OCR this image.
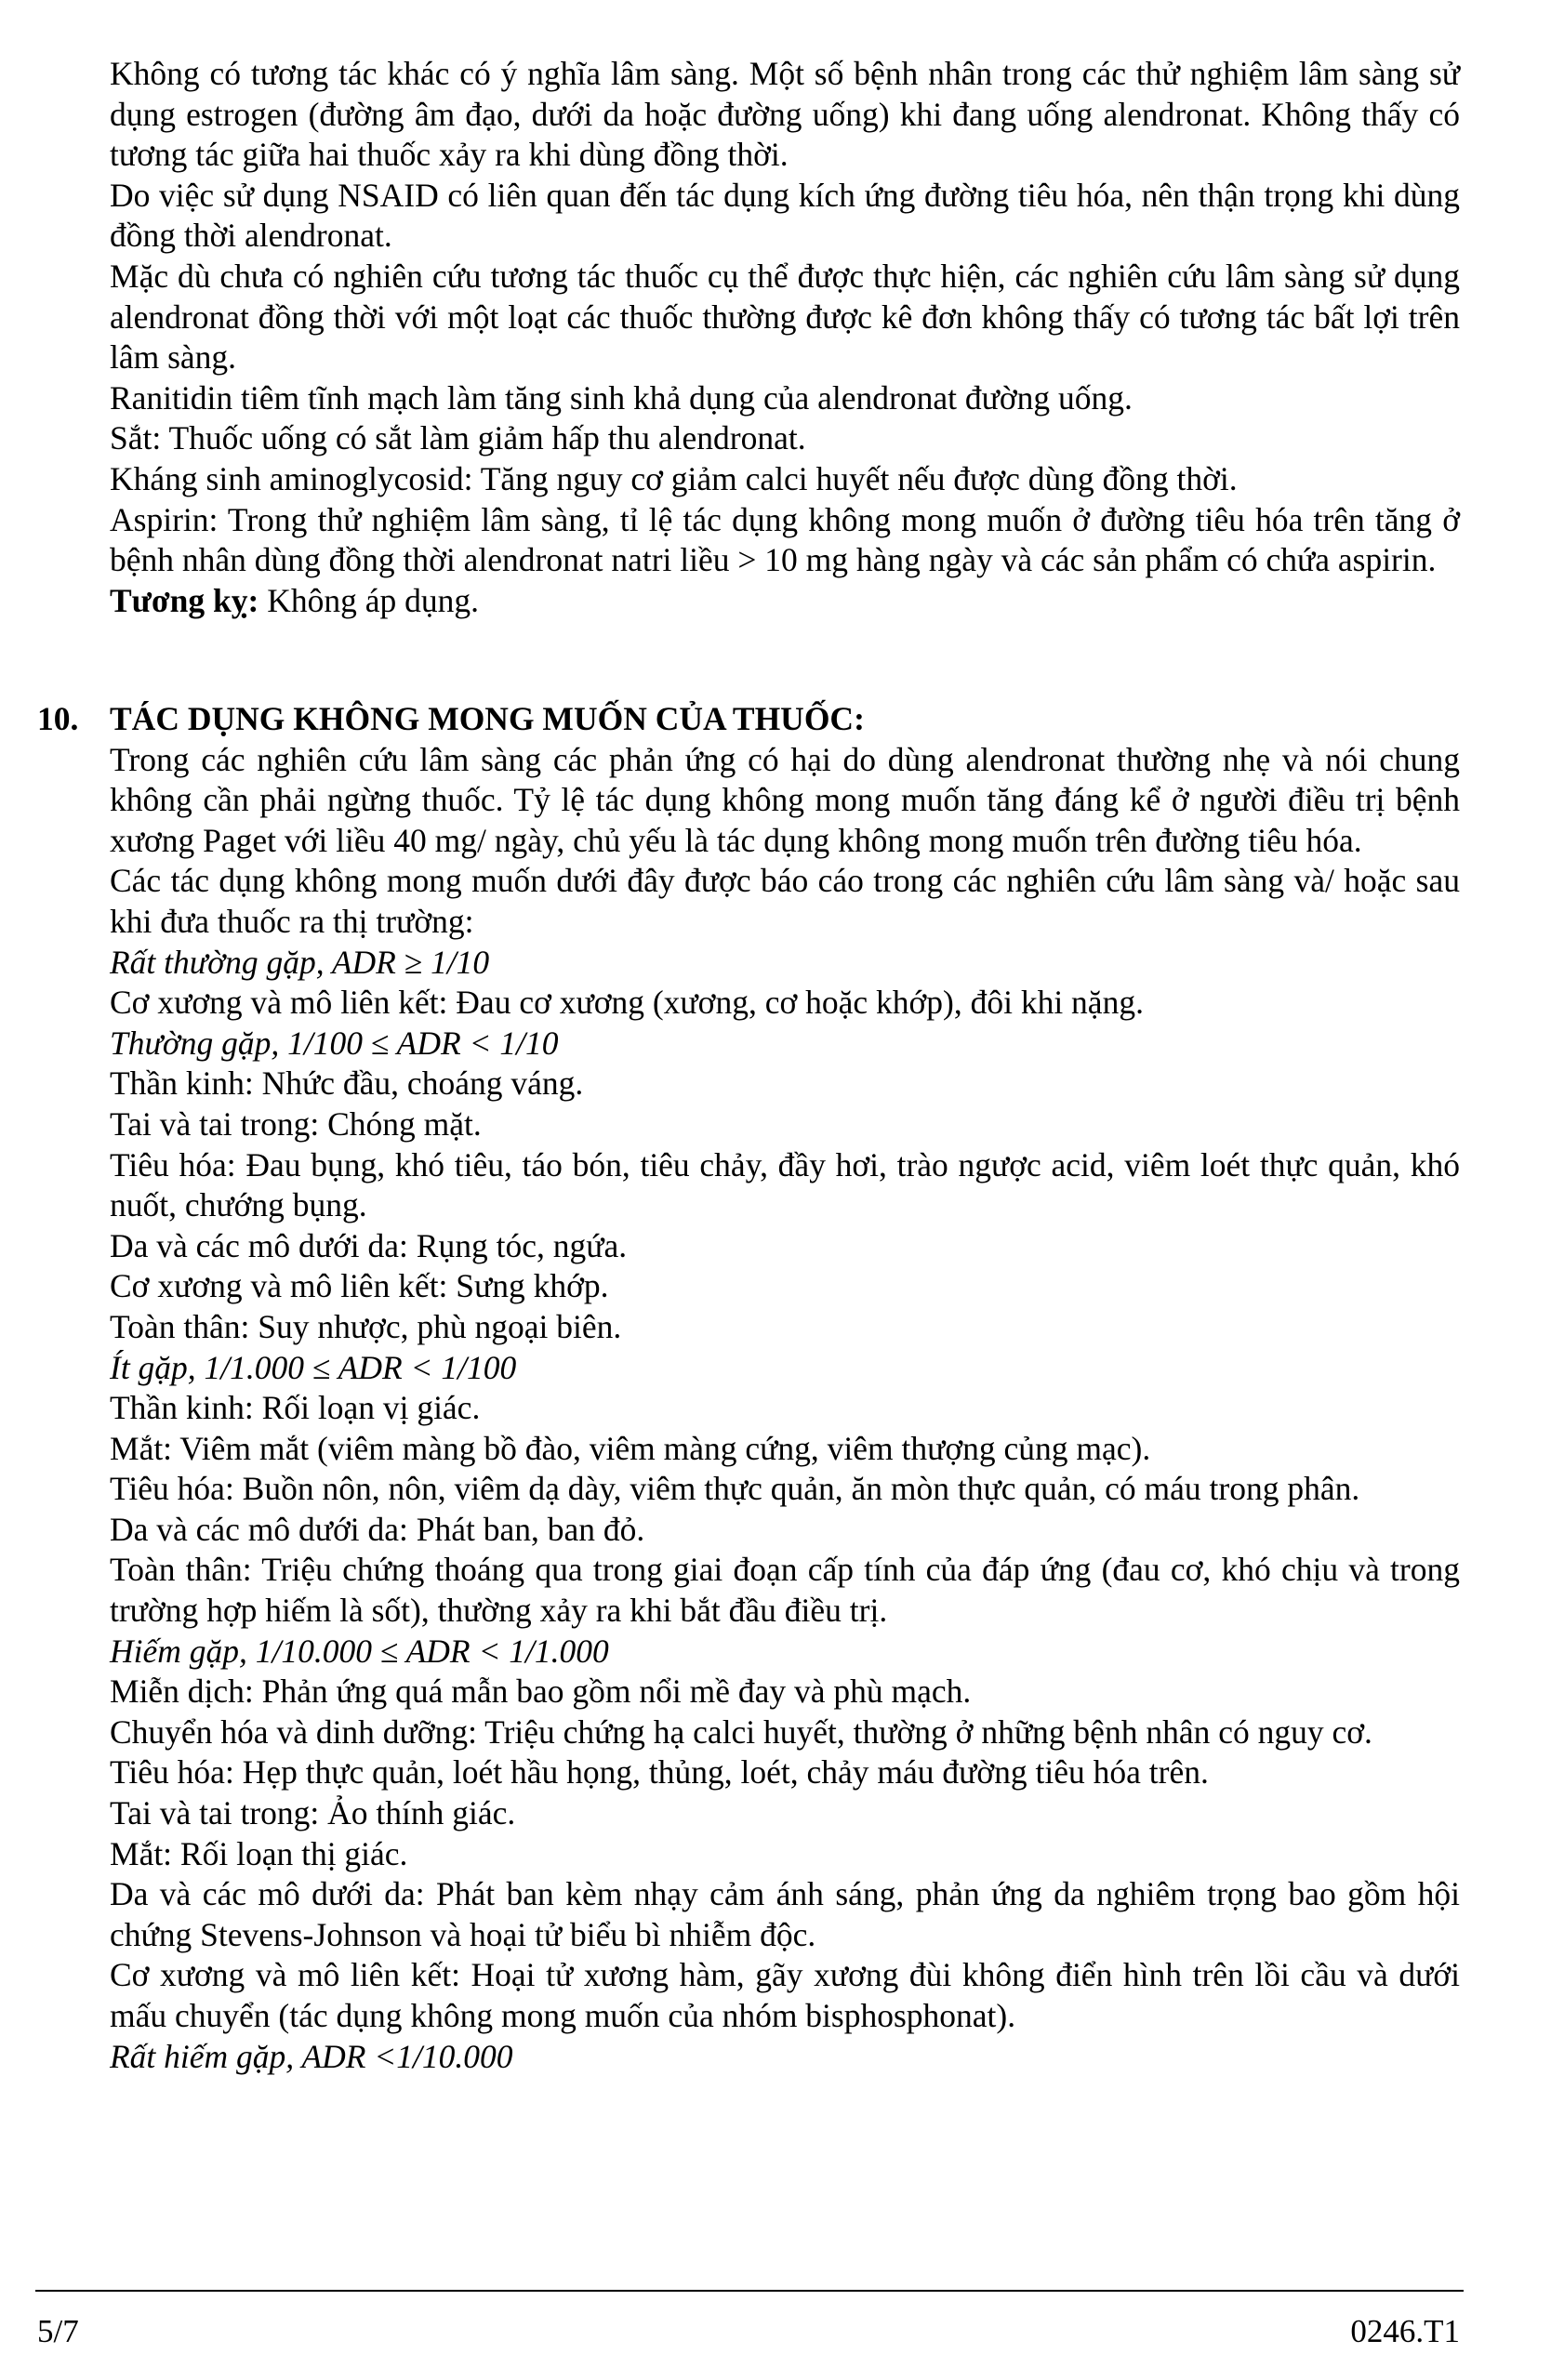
Không có tương tác khác có ý nghĩa lâm sàng. Một số bệnh nhân trong các thử nghiệm lâm sàng sử dụng estrogen (đường âm đạo, dưới da hoặc đường uống) khi đang uống alendronat. Không thấy có tương tác giữa hai thuốc xảy ra khi dùng đồng thời.

Do việc sử dụng NSAID có liên quan đến tác dụng kích ứng đường tiêu hóa, nên thận trọng khi dùng đồng thời alendronat.

Mặc dù chưa có nghiên cứu tương tác thuốc cụ thể được thực hiện, các nghiên cứu lâm sàng sử dụng alendronat đồng thời với một loạt các thuốc thường được kê đơn không thấy có tương tác bất lợi trên lâm sàng.

Ranitidin tiêm tĩnh mạch làm tăng sinh khả dụng của alendronat đường uống.

Sắt: Thuốc uống có sắt làm giảm hấp thu alendronat.

Kháng sinh aminoglycosid: Tăng nguy cơ giảm calci huyết nếu được dùng đồng thời.

Aspirin: Trong thử nghiệm lâm sàng, tỉ lệ tác dụng không mong muốn ở đường tiêu hóa trên tăng ở bệnh nhân dùng đồng thời alendronat natri liều > 10 mg hàng ngày và các sản phẩm có chứa aspirin.

Tương kỵ: Không áp dụng.

10. TÁC DỤNG KHÔNG MONG MUỐN CỦA THUỐC:

Trong các nghiên cứu lâm sàng các phản ứng có hại do dùng alendronat thường nhẹ và nói chung không cần phải ngừng thuốc. Tỷ lệ tác dụng không mong muốn tăng đáng kể ở người điều trị bệnh xương Paget với liều 40 mg/ ngày, chủ yếu là tác dụng không mong muốn trên đường tiêu hóa.

Các tác dụng không mong muốn dưới đây được báo cáo trong các nghiên cứu lâm sàng và/ hoặc sau khi đưa thuốc ra thị trường:

Rất thường gặp, ADR ≥ 1/10

Cơ xương và mô liên kết: Đau cơ xương (xương, cơ hoặc khớp), đôi khi nặng.

Thường gặp, 1/100 ≤ ADR < 1/10

Thần kinh: Nhức đầu, choáng váng.

Tai và tai trong: Chóng mặt.

Tiêu hóa: Đau bụng, khó tiêu, táo bón, tiêu chảy, đầy hơi, trào ngược acid, viêm loét thực quản, khó nuốt, chướng bụng.

Da và các mô dưới da: Rụng tóc, ngứa.

Cơ xương và mô liên kết: Sưng khớp.

Toàn thân: Suy nhược, phù ngoại biên.

Ít gặp, 1/1.000 ≤ ADR < 1/100

Thần kinh: Rối loạn vị giác.

Mắt: Viêm mắt (viêm màng bồ đào, viêm màng cứng, viêm thượng củng mạc).

Tiêu hóa: Buồn nôn, nôn, viêm dạ dày, viêm thực quản, ăn mòn thực quản, có máu trong phân.

Da và các mô dưới da: Phát ban, ban đỏ.

Toàn thân: Triệu chứng thoáng qua trong giai đoạn cấp tính của đáp ứng (đau cơ, khó chịu và trong trường hợp hiếm là sốt), thường xảy ra khi bắt đầu điều trị.

Hiếm gặp, 1/10.000 ≤ ADR < 1/1.000

Miễn dịch: Phản ứng quá mẫn bao gồm nổi mề đay và phù mạch.

Chuyển hóa và dinh dưỡng: Triệu chứng hạ calci huyết, thường ở những bệnh nhân có nguy cơ.

Tiêu hóa: Hẹp thực quản, loét hầu họng, thủng, loét, chảy máu đường tiêu hóa trên.

Tai và tai trong: Ảo thính giác.

Mắt: Rối loạn thị giác.

Da và các mô dưới da: Phát ban kèm nhạy cảm ánh sáng, phản ứng da nghiêm trọng bao gồm hội chứng Stevens-Johnson và hoại tử biểu bì nhiễm độc.

Cơ xương và mô liên kết: Hoại tử xương hàm, gãy xương đùi không điển hình trên lồi cầu và dưới mấu chuyển (tác dụng không mong muốn của nhóm bisphosphonat).

Rất hiếm gặp, ADR <1/10.000

5/7	0246.T1
